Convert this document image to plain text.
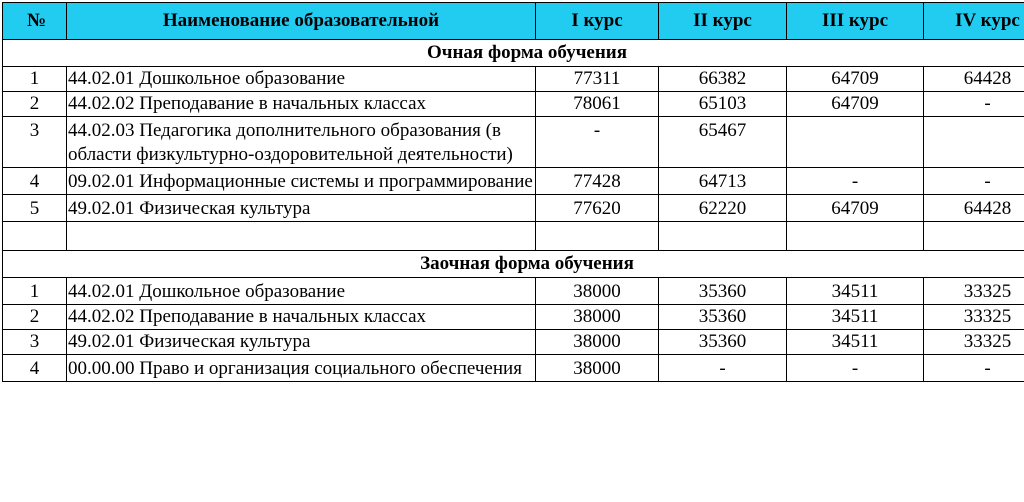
№	Наименование образовательной	I курс	II курс	III курс	IV курс
Очная форма обучения					
1	44.02.01 Дошкольное образование	77311	66382	64709	64428
2	44.02.02 Преподавание в начальных классах	78061	65103	64709	-
3	44.02.03 Педагогика дополнительного образования (в области физкультурно-оздоровительной деятельности)	-	65467		
4	09.02.01 Информационные системы и программирование	77428	64713	-	-
5	49.02.01 Физическая культура	77620	62220	64709	64428

Заочная форма обучения					
1	44.02.01 Дошкольное образование	38000	35360	34511	33325
2	44.02.02 Преподавание в начальных классах	38000	35360	34511	33325
3	49.02.01 Физическая культура	38000	35360	34511	33325
4	00.00.00 Право и организация социального обеспечения	38000	-	-	-
